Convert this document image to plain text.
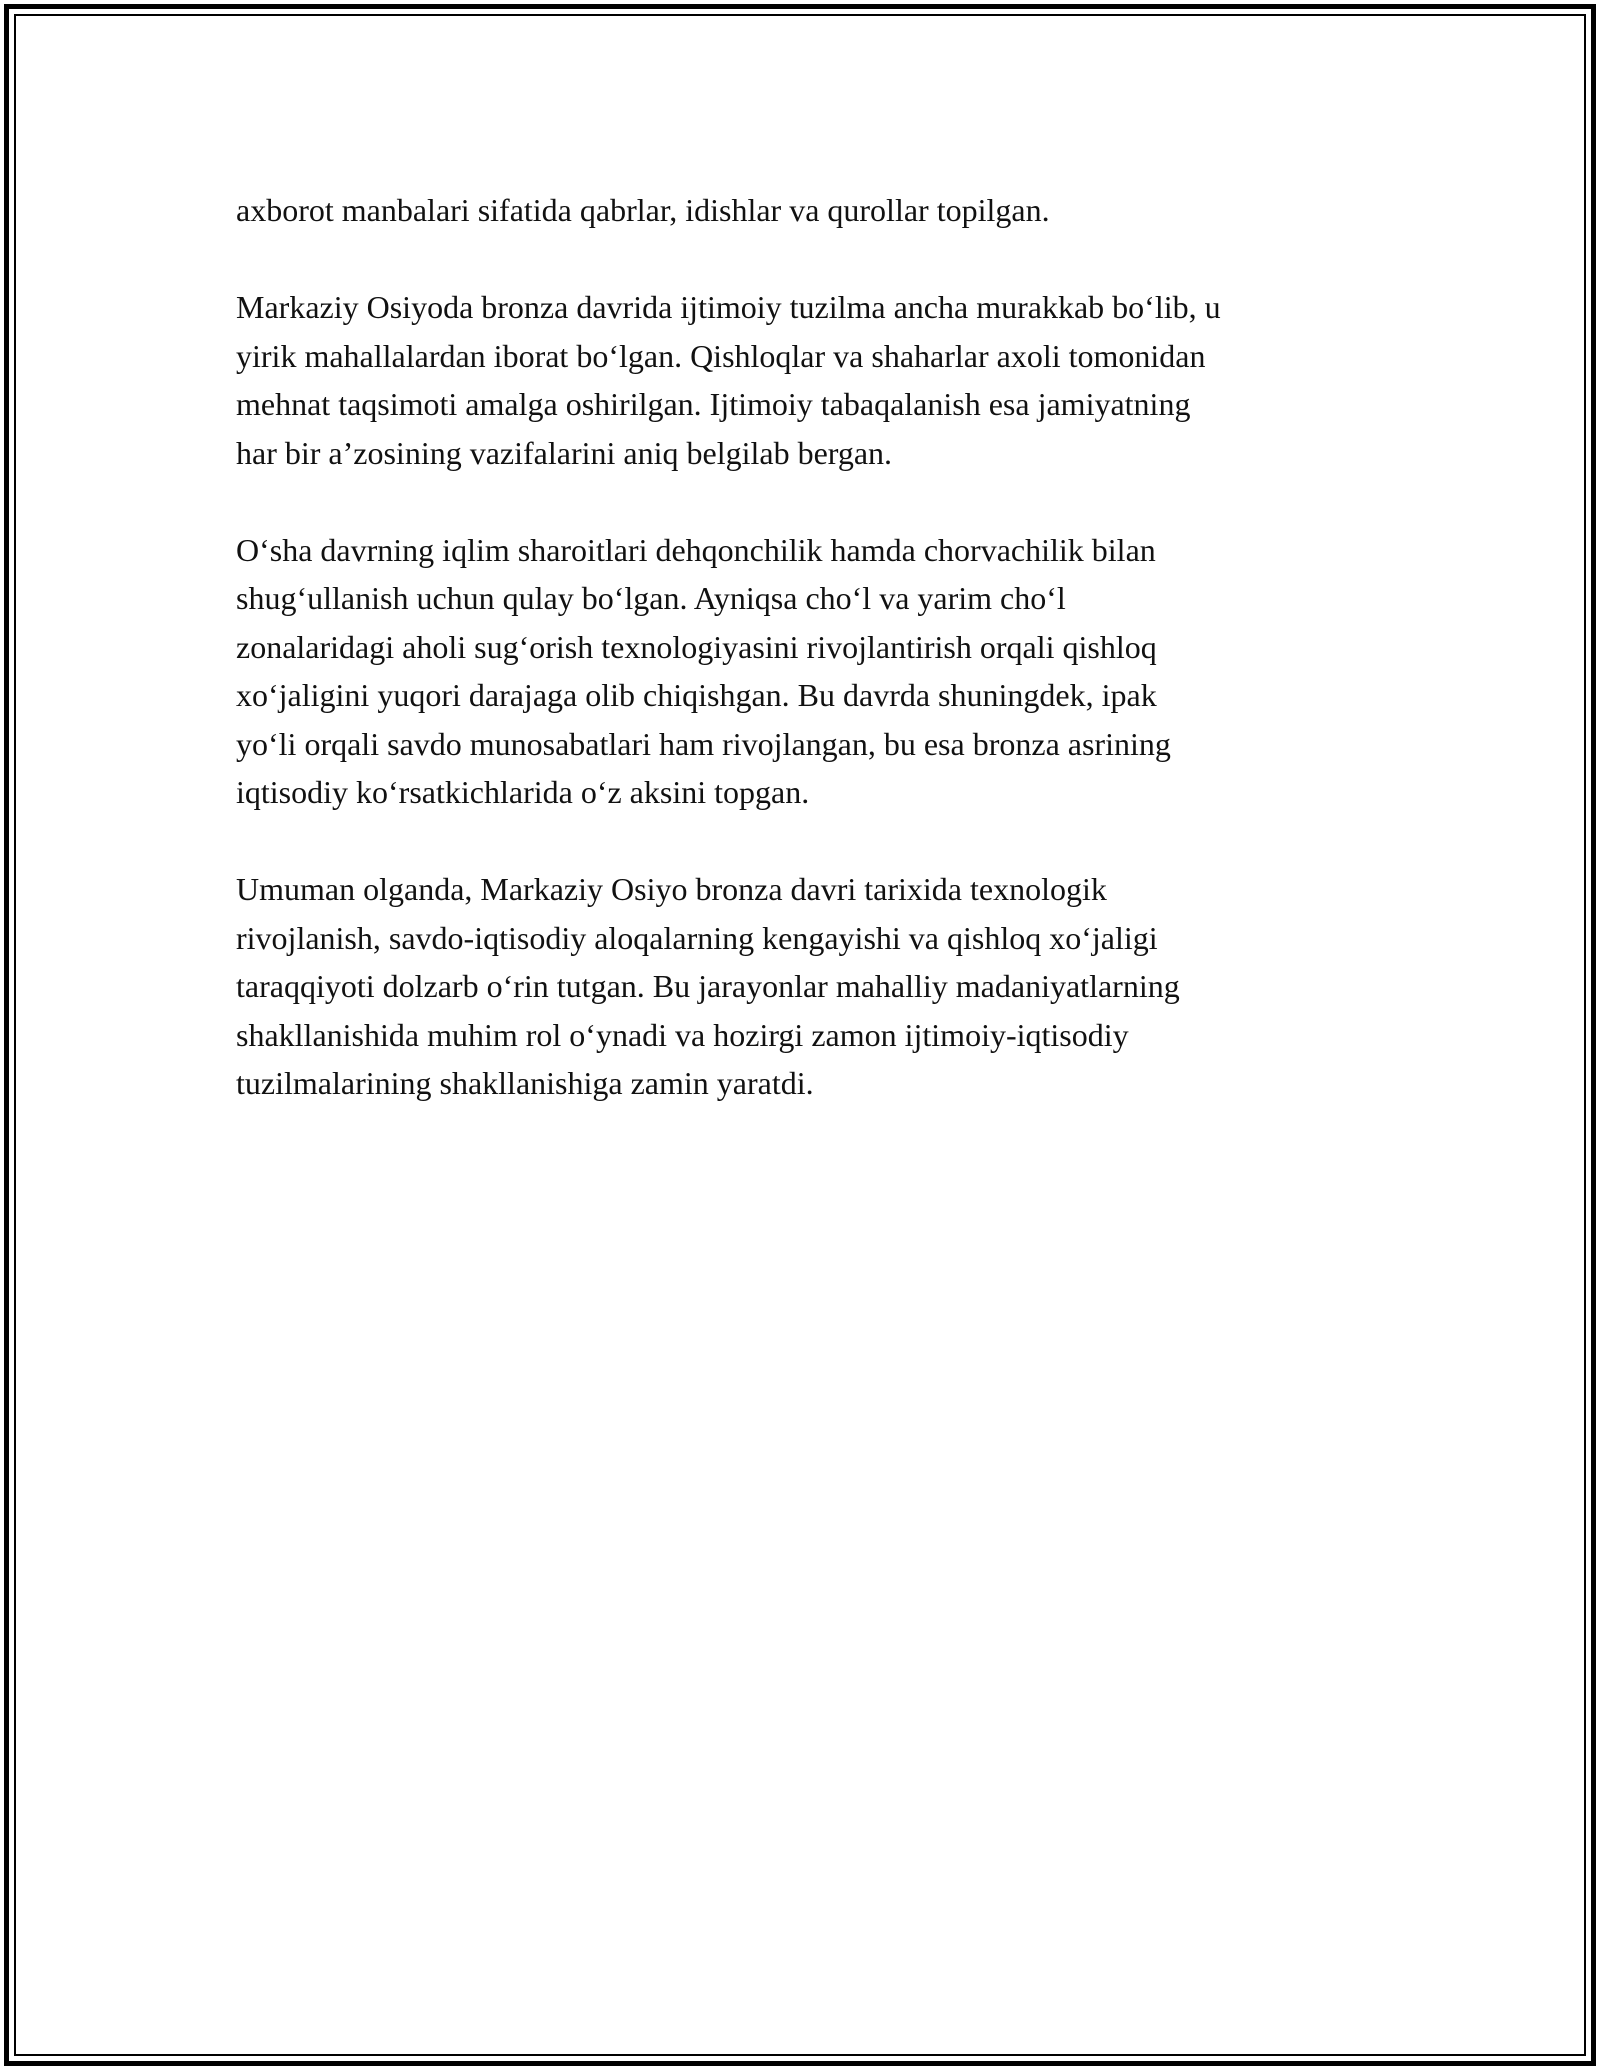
axborot manbalari sifatida qabrlar, idishlar va qurollar topilgan.

Markaziy Osiyoda bronza davrida ijtimoiy tuzilma ancha murakkab bo‘lib, u
yirik mahallalardan iborat bo‘lgan. Qishloqlar va shaharlar axoli tomonidan
mehnat taqsimoti amalga oshirilgan. Ijtimoiy tabaqalanish esa jamiyatning
har bir a’zosining vazifalarini aniq belgilab bergan.

O‘sha davrning iqlim sharoitlari dehqonchilik hamda chorvachilik bilan
shug‘ullanish uchun qulay bo‘lgan. Ayniqsa cho‘l va yarim cho‘l
zonalaridagi aholi sug‘orish texnologiyasini rivojlantirish orqali qishloq
xo‘jaligini yuqori darajaga olib chiqishgan. Bu davrda shuningdek, ipak
yo‘li orqali savdo munosabatlari ham rivojlangan, bu esa bronza asrining
iqtisodiy ko‘rsatkichlarida o‘z aksini topgan.

Umuman olganda, Markaziy Osiyo bronza davri tarixida texnologik
rivojlanish, savdo-iqtisodiy aloqalarning kengayishi va qishloq xo‘jaligi
taraqqiyoti dolzarb o‘rin tutgan. Bu jarayonlar mahalliy madaniyatlarning
shakllanishida muhim rol o‘ynadi va hozirgi zamon ijtimoiy-iqtisodiy
tuzilmalarining shakllanishiga zamin yaratdi.
